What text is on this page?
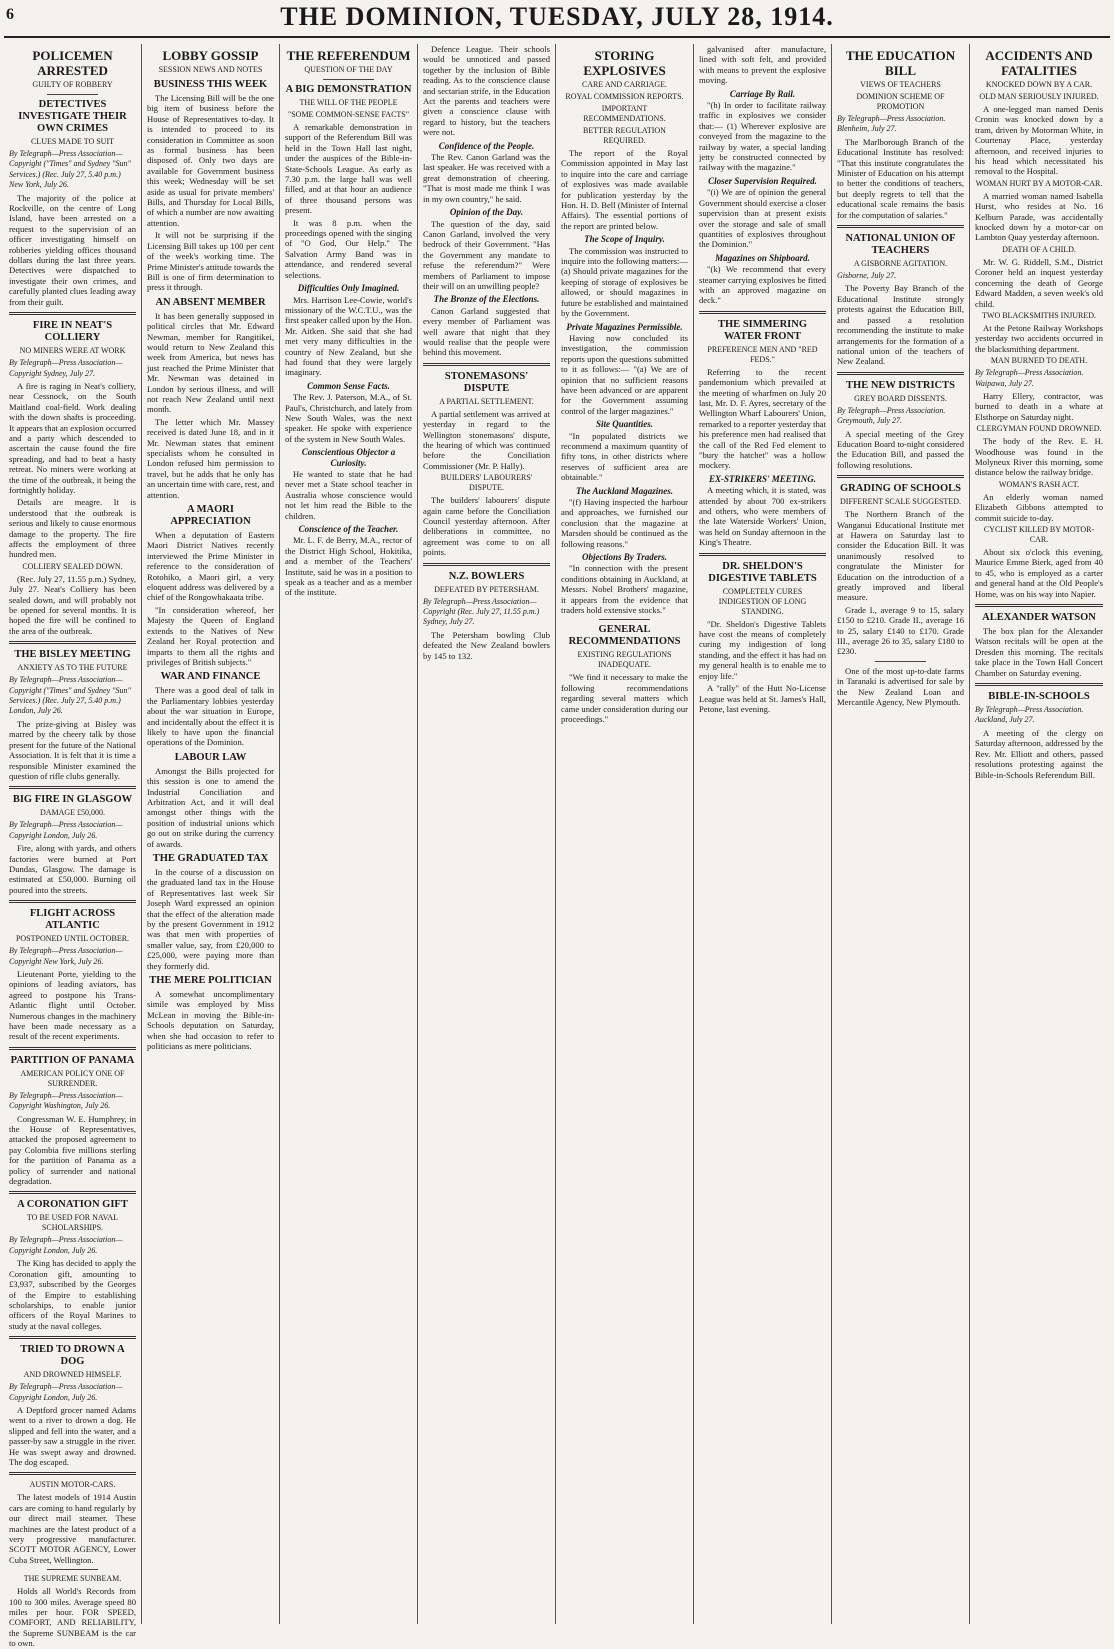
6	THE DOMINION, TUESDAY, JULY 28, 1914.
POLICEMEN ARRESTED
GUILTY OF ROBBERY
DETECTIVES INVESTIGATE THEIR OWN CRIMES
CLUES MADE TO SUIT
By Telegraph—Press Association—Copyright ("Times" and Sydney "Sun" Services.) (Rec. July 27, 5.40 p.m.) New York, July 26.

The majority of the police at Rockville, on the centre of Long Island, have been arrested on a request to the supervision of an officer investigating himself on robberies yielding offices thousand dollars during the last three years. Detectives were dispatched to investigate their own crimes, and carefully planted clues leading away from their guilt.

FIRE IN NEAT'S COLLIERY
NO MINERS WERE AT WORK
By Telegraph—Press Association—Copyright Sydney, July 27.

A fire is raging in Neat's colliery, near Cessnock, on the South Maitland coal-field. Work dealing with the down shafts is proceeding. It appears that an explosion occurred and a party which descended to ascertain the cause found the fire spreading, and had to beat a hasty retreat. No miners were working at the time of the outbreak, it being the fortnightly holiday.

Details are meagre. It is understood that the outbreak is serious and likely to cause enormous damage to the property. The fire affects the employment of three hundred men.

COLLIERY SEALED DOWN.

(Rec. July 27, 11.55 p.m.) Sydney, July 27. Neat's Colliery has been sealed down, and will probably not be opened for several months. It is hoped the fire will be confined to the area of the outbreak.

THE BISLEY MEETING
ANXIETY AS TO THE FUTURE
By Telegraph—Press Association—Copyright ("Times" and Sydney "Sun" Services.) (Rec. July 27, 5.40 p.m.) London, July 26.

The prize-giving at Bisley was marred by the cheery talk by those present for the future of the National Association. It is felt that it is time a responsible Minister examined the question of rifle clubs generally.

BIG FIRE IN GLASGOW
DAMAGE £50,000.
By Telegraph—Press Association—Copyright London, July 26.

Fire, along with yards, and others factories were burned at Port Dundas, Glasgow. The damage is estimated at £50,000. Burning oil poured into the streets.

FLIGHT ACROSS ATLANTIC
POSTPONED UNTIL OCTOBER.
By Telegraph—Press Association—Copyright New York, July 26.

Lieutenant Porte, yielding to the opinions of leading aviators, has agreed to postpone his Trans-Atlantic flight until October. Numerous changes in the machinery have been made necessary as a result of the recent experiments.

PARTITION OF PANAMA
AMERICAN POLICY ONE OF SURRENDER.
By Telegraph—Press Association—Copyright Washington, July 26.

Congressman W. E. Humphrey, in the House of Representatives, attacked the proposed agreement to pay Colombia five millions sterling for the partition of Panama as a policy of surrender and national degradation.

A CORONATION GIFT
TO BE USED FOR NAVAL SCHOLARSHIPS.
By Telegraph—Press Association—Copyright London, July 26.

The King has decided to apply the Coronation gift, amounting to £3,937, subscribed by the Georges of the Empire to establishing scholarships, to enable junior officers of the Royal Marines to study at the naval colleges.

TRIED TO DROWN A DOG
AND DROWNED HIMSELF.
By Telegraph—Press Association—Copyright London, July 26.

A Deptford grocer named Adams went to a river to drown a dog. He slipped and fell into the water, and a passer-by saw a struggle in the river. He was swept away and drowned. The dog escaped.

AUSTIN MOTOR-CARS.

The latest models of 1914 Austin cars are coming to hand regularly by our direct mail steamer. These machines are the latest product of a very progressive manufacturer. SCOTT MOTOR AGENCY, Lower Cuba Street, Wellington.

THE SUPREME SUNBEAM.

Holds all World's Records from 100 to 300 miles. Average speed 80 miles per hour. FOR SPEED, COMFORT, AND RELIABILITY, the Supreme SUNBEAM is the car to own.

LOBBY GOSSIP
SESSION NEWS AND NOTES
BUSINESS THIS WEEK

The Licensing Bill will be the one big item of business before the House of Representatives to-day. It is intended to proceed to its consideration in Committee as soon as formal business has been disposed of. Only two days are available for Government business this week; Wednesday will be set aside as usual for private members' Bills, and Thursday for Local Bills, of which a number are now awaiting attention.

It will not be surprising if the Licensing Bill takes up 100 per cent of the week's working time. The Prime Minister's attitude towards the Bill is one of firm determination to press it through.

AN ABSENT MEMBER

It has been generally supposed in political circles that Mr. Edward Newman, member for Rangitikei, would return to New Zealand this week from America, but news has just reached the Prime Minister that Mr. Newman was detained in London by serious illness, and will not reach New Zealand until next month.

The letter which Mr. Massey received is dated June 18, and in it Mr. Newman states that eminent specialists whom he consulted in London refused him permission to travel, but he adds that he only has an uncertain time with care, rest, and attention.

A MAORI APPRECIATION

When a deputation of Eastern Maori District Natives recently interviewed the Prime Minister in reference to the consideration of Rotohiko, a Maori girl, a very eloquent address was delivered by a chief of the Rongowhakaata tribe.

"In consideration whereof, her Majesty the Queen of England extends to the Natives of New Zealand her Royal protection and imparts to them all the rights and privileges of British subjects."

WAR AND FINANCE

There was a good deal of talk in the Parliamentary lobbies yesterday about the war situation in Europe, and incidentally about the effect it is likely to have upon the financial operations of the Dominion.

LABOUR LAW

Amongst the Bills projected for this session is one to amend the Industrial Conciliation and Arbitration Act, and it will deal amongst other things with the position of industrial unions which go out on strike during the currency of awards.

THE GRADUATED TAX

In the course of a discussion on the graduated land tax in the House of Representatives last week Sir Joseph Ward expressed an opinion that the effect of the alteration made by the present Government in 1912 was that men with properties of smaller value, say, from £20,000 to £25,000, were paying more than they formerly did.

THE MERE POLITICIAN

A somewhat uncomplimentary simile was employed by Miss McLean in moving the Bible-in-Schools deputation on Saturday, when she had occasion to refer to politicians as mere politicians.

THE REFERENDUM
QUESTION OF THE DAY
A BIG DEMONSTRATION
THE WILL OF THE PEOPLE
"SOME COMMON-SENSE FACTS"

A remarkable demonstration in support of the Referendum Bill was held in the Town Hall last night, under the auspices of the Bible-in-State-Schools League. As early as 7.30 p.m. the large hall was well filled, and at that hour an audience of three thousand persons was present.

It was 8 p.m. when the proceedings opened with the singing of "O God, Our Help." The Salvation Army Band was in attendance, and rendered several selections.

Difficulties Only Imagined.

Mrs. Harrison Lee-Cowie, world's missionary of the W.C.T.U., was the first speaker called upon by the Hon. Mr. Aitken. She said that she had met very many difficulties in the country of New Zealand, but she had found that they were largely imaginary.

Common Sense Facts.

The Rev. J. Paterson, M.A., of St. Paul's, Christchurch, and lately from New South Wales, was the next speaker. He spoke with experience of the system in New South Wales.

Conscientious Objector a Curiosity.

He wanted to state that he had never met a State school teacher in Australia whose conscience would not let him read the Bible to the children.

Conscience of the Teacher.

Mr. L. F. de Berry, M.A., rector of the District High School, Hokitika, and a member of the Teachers' Institute, said he was in a position to speak as a teacher and as a member of the institute.

Defence League. Their schools would be unnoticed and passed together by the inclusion of Bible reading. As to the conscience clause and sectarian strife, in the Education Act the parents and teachers were given a conscience clause with regard to history, but the teachers were not.

Confidence of the People.

The Rev. Canon Garland was the last speaker. He was received with a great demonstration of cheering. "That is most made me think I was in my own country," he said.

Opinion of the Day.

The question of the day, said Canon Garland, involved the very bedrock of their Government. "Has the Government any mandate to refuse the referendum?" Were members of Parliament to impose their will on an unwilling people?

The Bronze of the Elections.

Canon Garland suggested that every member of Parliament was well aware that night that they would realise that the people were behind this movement.

STONEMASONS' DISPUTE
A PARTIAL SETTLEMENT.

A partial settlement was arrived at yesterday in regard to the Wellington stonemasons' dispute, the hearing of which was continued before the Conciliation Commissioner (Mr. P. Hally).

BUILDERS' LABOURERS' DISPUTE.

The builders' labourers' dispute again came before the Conciliation Council yesterday afternoon. After deliberations in committee, no agreement was come to on all points.

N.Z. BOWLERS
DEFEATED BY PETERSHAM.
By Telegraph—Press Association—Copyright (Rec. July 27, 11.55 p.m.) Sydney, July 27.

The Petersham bowling Club defeated the New Zealand bowlers by 145 to 132.

STORING EXPLOSIVES
CARE AND CARRIAGE.
ROYAL COMMISSION REPORTS.
IMPORTANT RECOMMENDATIONS.
BETTER REGULATION REQUIRED.

The report of the Royal Commission appointed in May last to inquire into the care and carriage of explosives was made available for publication yesterday by the Hon. H. D. Bell (Minister of Internal Affairs). The essential portions of the report are printed below.

The Scope of Inquiry.

The commission was instructed to inquire into the following matters:— (a) Should private magazines for the keeping of storage of explosives be allowed, or should magazines in future be established and maintained by the Government.

Private Magazines Permissible.

Having now concluded its investigation, the commission reports upon the questions submitted to it as follows:— "(a) We are of opinion that no sufficient reasons have been advanced or are apparent for the Government assuming control of the larger magazines."

Site Quantities.

"In populated districts we recommend a maximum quantity of fifty tons, in other districts where reserves of sufficient area are obtainable."

The Auckland Magazines.

"(f) Having inspected the harbour and approaches, we furnished our conclusion that the magazine at Marsden should be continued as the following reasons."

Objections By Traders.

"In connection with the present conditions obtaining in Auckland, at Messrs. Nobel Brothers' magazine, it appears from the evidence that traders hold extensive stocks."

GENERAL RECOMMENDATIONS
EXISTING REGULATIONS INADEQUATE.

"We find it necessary to make the following recommendations regarding several matters which came under consideration during our proceedings."

galvanised after manufacture, lined with soft felt, and provided with means to prevent the explosive moving.

Carriage By Rail.

"(h) In order to facilitate railway traffic in explosives we consider that:— (1) Wherever explosive are conveyed from the magazine to the railway by water, a special landing jetty be constructed connected by railway with the magazine."

Closer Supervision Required.

"(i) We are of opinion the general Government should exercise a closer supervision than at present exists over the storage and sale of small quantities of explosives throughout the Dominion."

Magazines on Shipboard.

"(k) We recommend that every steamer carrying explosives be fitted with an approved magazine on deck."

THE SIMMERING WATER FRONT
PREFERENCE MEN AND "RED FEDS."

Referring to the recent pandemonium which prevailed at the meeting of wharfmen on July 20 last, Mr. D. F. Ayres, secretary of the Wellington Wharf Labourers' Union, remarked to a reporter yesterday that his preference men had realised that the call of the Red Fed element to "bury the hatchet" was a hollow mockery.

EX-STRIKERS' MEETING.

A meeting which, it is stated, was attended by about 700 ex-strikers and others, who were members of the late Waterside Workers' Union, was held on Sunday afternoon in the King's Theatre.

DR. SHELDON'S DIGESTIVE TABLETS
COMPLETELY CURES INDIGESTION OF LONG STANDING.

"Dr. Sheldon's Digestive Tablets have cost the means of completely curing my indigestion of long standing, and the effect it has had on my general health is to enable me to enjoy life."

A "rally" of the Hutt No-License League was held at St. James's Hall, Petone, last evening.

THE EDUCATION BILL
VIEWS OF TEACHERS
DOMINION SCHEME OF PROMOTION
By Telegraph—Press Association. Blenheim, July 27.

The Marlborough Branch of the Educational Institute has resolved: "That this institute congratulates the Minister of Education on his attempt to better the conditions of teachers, but deeply regrets to tell that the educational scale remains the basis for the computation of salaries."

NATIONAL UNION OF TEACHERS
A GISBORNE AGITATION.
Gisborne, July 27.

The Poverty Bay Branch of the Educational Institute strongly protests against the Education Bill, and passed a resolution recommending the institute to make arrangements for the formation of a national union of the teachers of New Zealand.

THE NEW DISTRICTS
GREY BOARD DISSENTS.
By Telegraph—Press Association. Greymouth, July 27.

A special meeting of the Grey Education Board to-night considered the Education Bill, and passed the following resolutions.

GRADING OF SCHOOLS
DIFFERENT SCALE SUGGESTED.

The Northern Branch of the Wanganui Educational Institute met at Hawera on Saturday last to consider the Education Bill. It was unanimously resolved to congratulate the Minister for Education on the introduction of a greatly improved and liberal measure.

Grade I., average 9 to 15, salary £150 to £210. Grade II., average 16 to 25, salary £140 to £170. Grade III., average 26 to 35, salary £180 to £230.

One of the most up-to-date farms in Taranaki is advertised for sale by the New Zealand Loan and Mercantile Agency, New Plymouth.

ACCIDENTS AND FATALITIES
KNOCKED DOWN BY A CAR.
OLD MAN SERIOUSLY INJURED.

A one-legged man named Denis Cronin was knocked down by a tram, driven by Motorman White, in Courtenay Place, yesterday afternoon, and received injuries to his head which necessitated his removal to the Hospital.

WOMAN HURT BY A MOTOR-CAR.

A married woman named Isabella Hurst, who resides at No. 16 Kelburn Parade, was accidentally knocked down by a motor-car on Lambton Quay yesterday afternoon.

DEATH OF A CHILD.

Mr. W. G. Riddell, S.M., District Coroner held an inquest yesterday concerning the death of George Edward Madden, a seven week's old child.

TWO BLACKSMITHS INJURED.

At the Petone Railway Workshops yesterday two accidents occurred in the blacksmithing department.

MAN BURNED TO DEATH.
By Telegraph—Press Association. Waipawa, July 27.

Harry Ellery, contractor, was burned to death in a whare at Elsthorpe on Saturday night.

CLERGYMAN FOUND DROWNED.

The body of the Rev. E. H. Woodhouse was found in the Molyneux River this morning, some distance below the railway bridge.

WOMAN'S RASH ACT.

An elderly woman named Elizabeth Gibbons attempted to commit suicide to-day.

CYCLIST KILLED BY MOTOR-CAR.

About six o'clock this evening, Maurice Emme Bierk, aged from 40 to 45, who is employed as a carter and general hand at the Old People's Home, was on his way into Napier.

ALEXANDER WATSON

The box plan for the Alexander Watson recitals will be open at the Dresden this morning. The recitals take place in the Town Hall Concert Chamber on Saturday evening.

BIBLE-IN-SCHOOLS
By Telegraph—Press Association. Auckland, July 27.

A meeting of the clergy on Saturday afternoon, addressed by the Rev. Mr. Elliott and others, passed resolutions protesting against the Bible-in-Schools Referendum Bill.
